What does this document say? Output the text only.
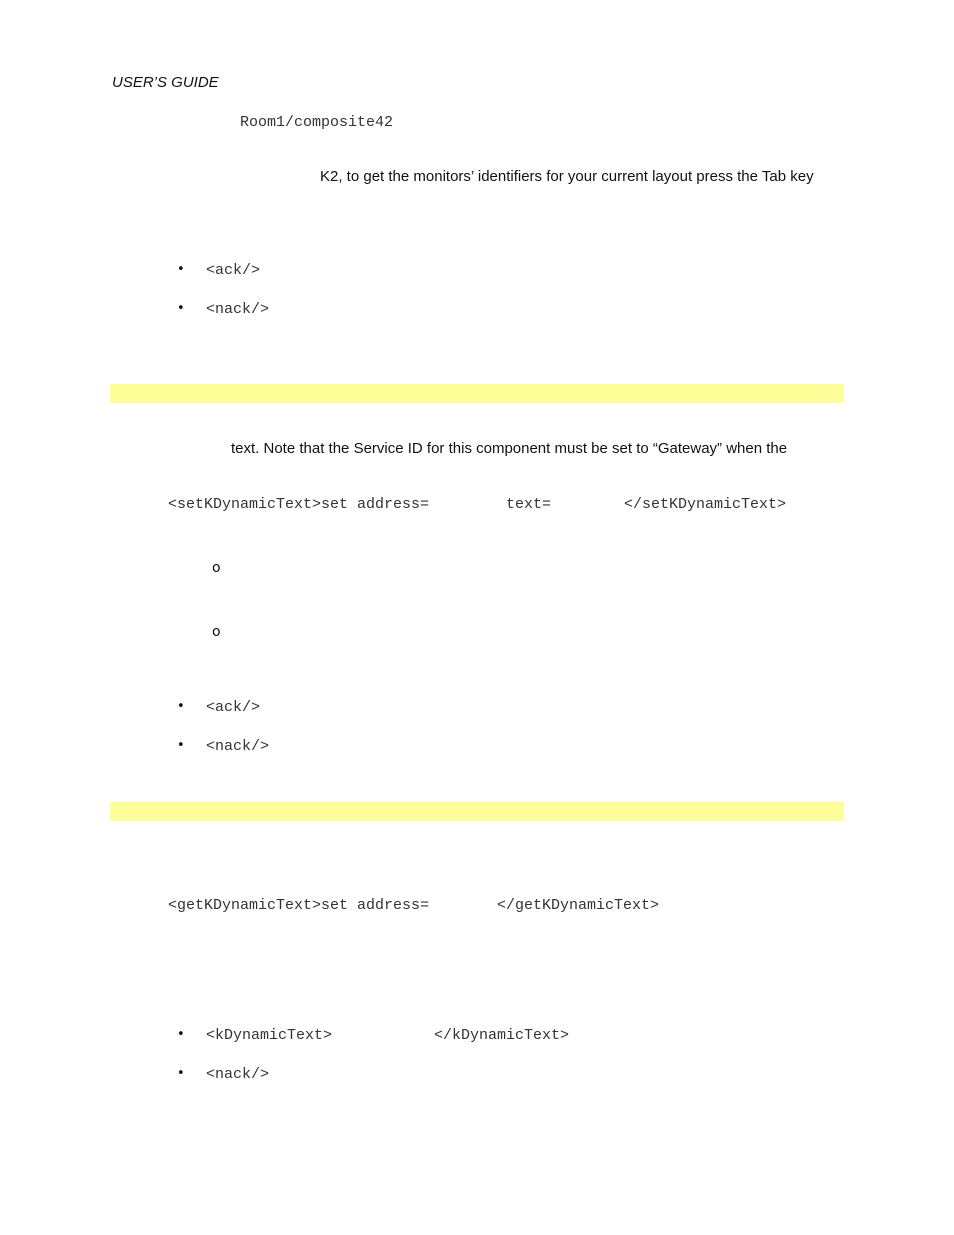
USER’S GUIDE
Room1/composite42
K2, to get the monitors’ identifiers for your current layout press the Tab key
• <ack/>
• <nack/>
text. Note that the Service ID for this component must be set to “Gateway” when the
<setKDynamicText>set address=	text=	</setKDynamicText>
o
o
• <ack/>
• <nack/>
<getKDynamicText>set address=	</getKDynamicText>
• <kDynamicText>	</kDynamicText>
• <nack/>
